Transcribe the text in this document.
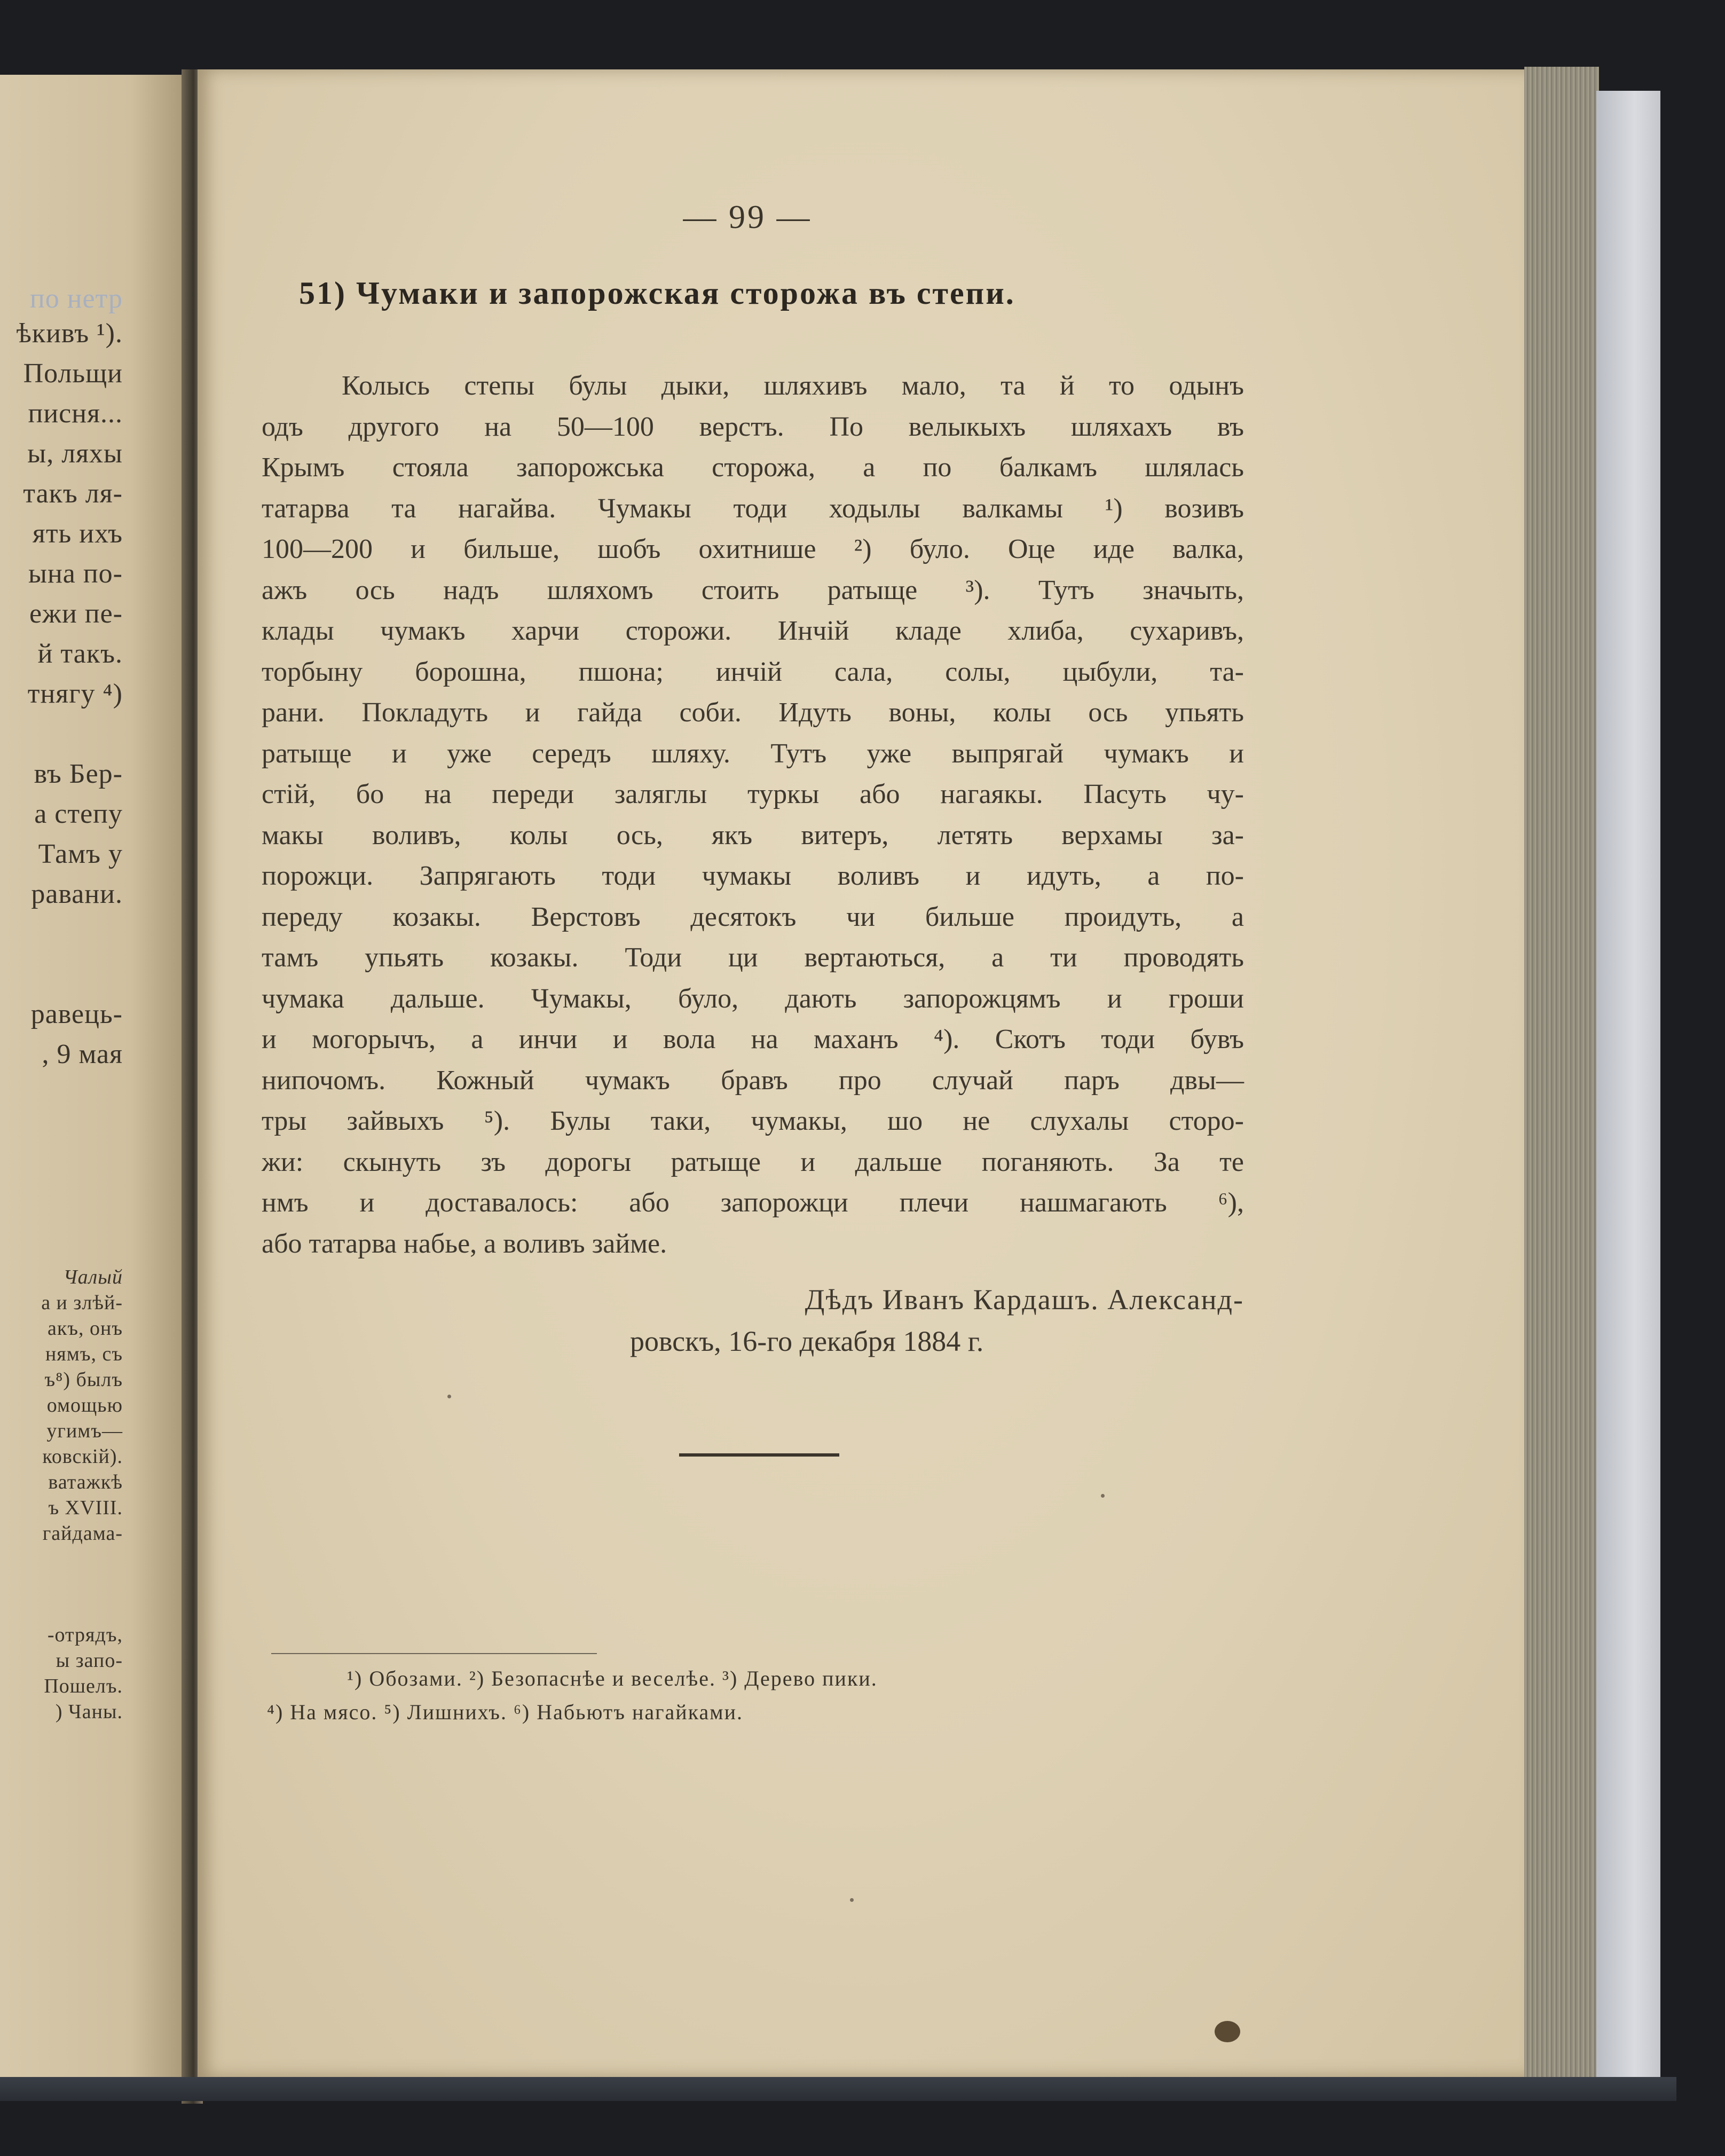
по нетр
ѣкивъ ¹).
Польщи
писня...
ы, ляхы
такъ ля-
ять ихъ
ына по-
ежи пе-
й такъ.
тнягу ⁴)
въ Бер-
а степу
Тамъ у
равани.
равець-
, 9 мая
Чалый
а и злѣй-
акъ, онъ
нямъ, съ
ъ⁸) былъ
омощью
угимъ—
ковскій).
ватажкѣ
ъ XVIII.
гайдама-
-отрядъ,
ы запо-
Пошелъ.
) Чаны.
— 99 —
51) Чумаки и запорожская сторожа въ степи.
Колысь степы булы дыки, шляхивъ мало, та й то одынъ
одъ другого на 50—100 верстъ. По велыкыхъ шляхахъ въ
Крымъ стояла запорожська сторожа, а по балкамъ шлялась
татарва та нагайва. Чумакы тоди ходылы валкамы ¹) возивъ
100—200 и бильше, шобъ охитнише ²) було. Оце иде валка,
ажъ ось надъ шляхомъ стоить ратыще ³). Тутъ значыть,
клады чумакъ харчи сторожи. Инчій кладе хлиба, сухаривъ,
торбыну борошна, пшона; инчій сала, солы, цыбули, та-
рани. Покладуть и гайда соби. Идуть воны, колы ось упьять
ратыще и уже середъ шляху. Тутъ уже выпрягай чумакъ и
стій, бо на переди заляглы туркы або нагаякы. Пасуть чу-
макы воливъ, колы ось, якъ витеръ, летять верхамы за-
порожци. Запрягають тоди чумакы воливъ и идуть, а по-
переду козакы. Верстовъ десятокъ чи бильше проидуть, а
тамъ упьять козакы. Тоди ци вертаються, а ти проводять
чумака дальше. Чумакы, було, дають запорожцямъ и гроши
и могорычъ, а инчи и вола на маханъ ⁴). Скотъ тоди бувъ
нипочомъ. Кожный чумакъ бравъ про случай паръ двы—
тры зайвыхъ ⁵). Булы таки, чумакы, шо не слухалы сторо-
жи: скынуть зъ дорогы ратыще и дальше поганяють. За те
нмъ и доставалось: або запорожци плечи нашмагають ⁶),
або татарва набье, а воливъ займе.
Дѣдъ Иванъ Кардашъ. Александ-
ровскъ, 16-го декабря 1884 г.
¹) Обозами. ²) Безопаснѣе и веселѣе. ³) Дерево пики.
⁴) На мясо. ⁵) Лишнихъ. ⁶) Набьютъ нагайками.
